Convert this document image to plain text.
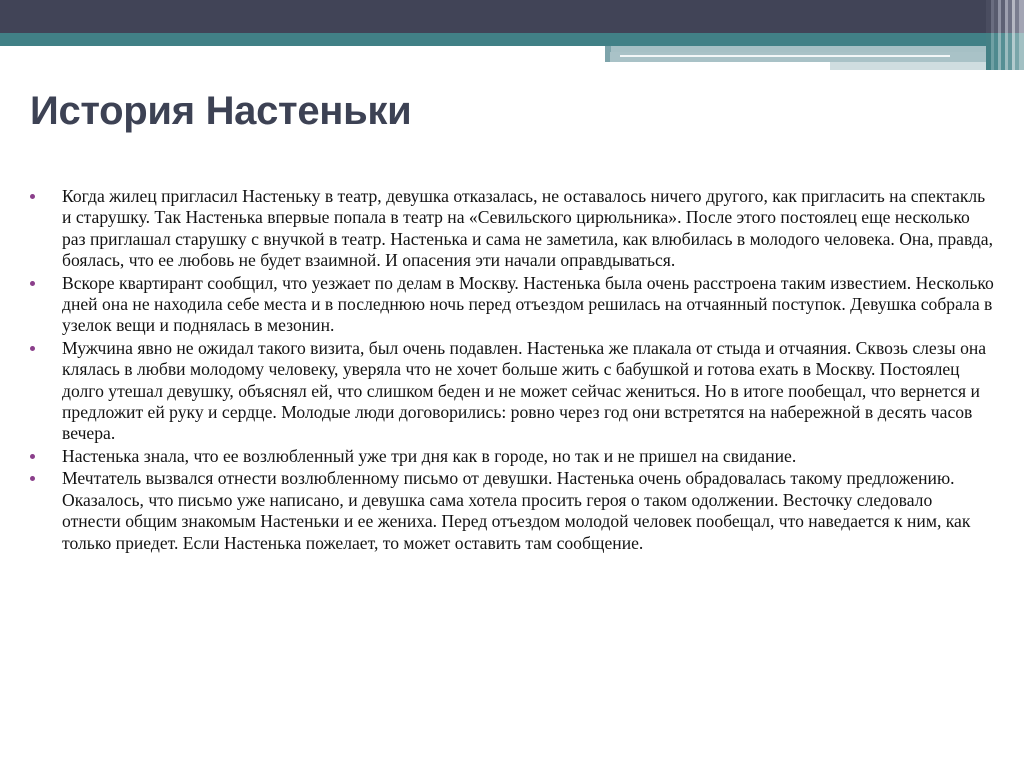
История Настеньки
Когда жилец пригласил Настеньку в театр, девушка отказалась, не оставалось ничего другого, как пригласить на спектакль и старушку. Так Настенька впервые попала в театр на «Севильского цирюльника». После этого постоялец еще несколько раз приглашал старушку с внучкой в театр. Настенька и сама не заметила, как влюбилась в молодого человека. Она, правда, боялась, что ее любовь не будет взаимной. И опасения эти начали оправдываться.
Вскоре квартирант сообщил, что уезжает по делам в Москву. Настенька была очень расстроена таким известием. Несколько дней она не находила себе места и в последнюю ночь перед отъездом решилась на отчаянный поступок. Девушка собрала в узелок вещи и поднялась в мезонин.
Мужчина явно не ожидал такого визита, был очень подавлен. Настенька же плакала от стыда и отчаяния. Сквозь слезы она клялась в любви молодому человеку, уверяла что не хочет больше жить с бабушкой и готова ехать в Москву. Постоялец долго утешал девушку, объяснял ей, что слишком беден и не может сейчас жениться. Но в итоге пообещал, что вернется и предложит ей руку и сердце. Молодые люди договорились: ровно через год они встретятся на набережной в десять часов вечера.
Настенька знала, что ее возлюбленный уже три дня как в городе, но так и не пришел на свидание.
Мечтатель вызвался отнести возлюбленному письмо от девушки. Настенька очень обрадовалась такому предложению. Оказалось, что письмо уже написано, и девушка сама хотела просить героя о таком одолжении. Весточку следовало отнести общим знакомым Настеньки и ее жениха. Перед отъездом молодой человек пообещал, что наведается к ним, как только приедет. Если Настенька пожелает, то может оставить там сообщение.
